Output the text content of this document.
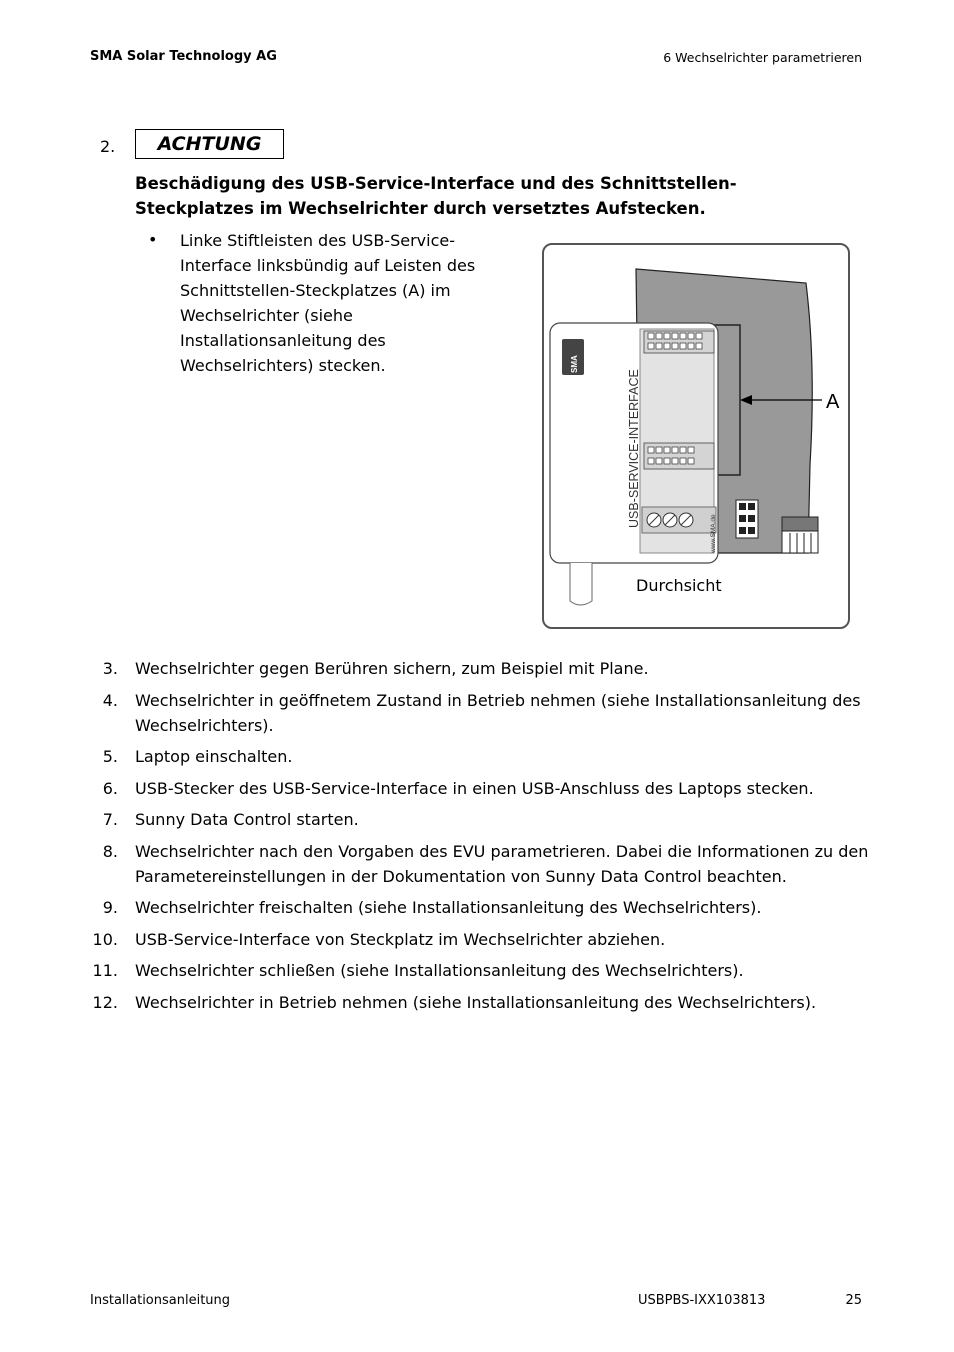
SMA Solar Technology AG	6 Wechselrichter parametrieren
2.	ACHTUNG
Beschädigung des USB-Service-Interface und des Schnittstellen-Steckplatzes im Wechselrichter durch versetztes Aufstecken.
• Linke Stiftleisten des USB-Service-Interface linksbündig auf Leisten des Schnittstellen-Steckplatzes (A) im Wechselrichter (siehe Installationsanleitung des Wechselrichters) stecken.	SMA
USB-SERVICE-INTERFACE
www.SMA.de
A
Durchsicht
3. Wechselrichter gegen Berühren sichern, zum Beispiel mit Plane.
4. Wechselrichter in geöffnetem Zustand in Betrieb nehmen (siehe Installationsanleitung des Wechselrichters).
5. Laptop einschalten.
6. USB-Stecker des USB-Service-Interface in einen USB-Anschluss des Laptops stecken.
7. Sunny Data Control starten.
8. Wechselrichter nach den Vorgaben des EVU parametrieren. Dabei die Informationen zu den Parametereinstellungen in der Dokumentation von Sunny Data Control beachten.
9. Wechselrichter freischalten (siehe Installationsanleitung des Wechselrichters).
10. USB-Service-Interface von Steckplatz im Wechselrichter abziehen.
11. Wechselrichter schließen (siehe Installationsanleitung des Wechselrichters).
12. Wechselrichter in Betrieb nehmen (siehe Installationsanleitung des Wechselrichters).
Installationsanleitung	USBPBS-IXX103813	25
